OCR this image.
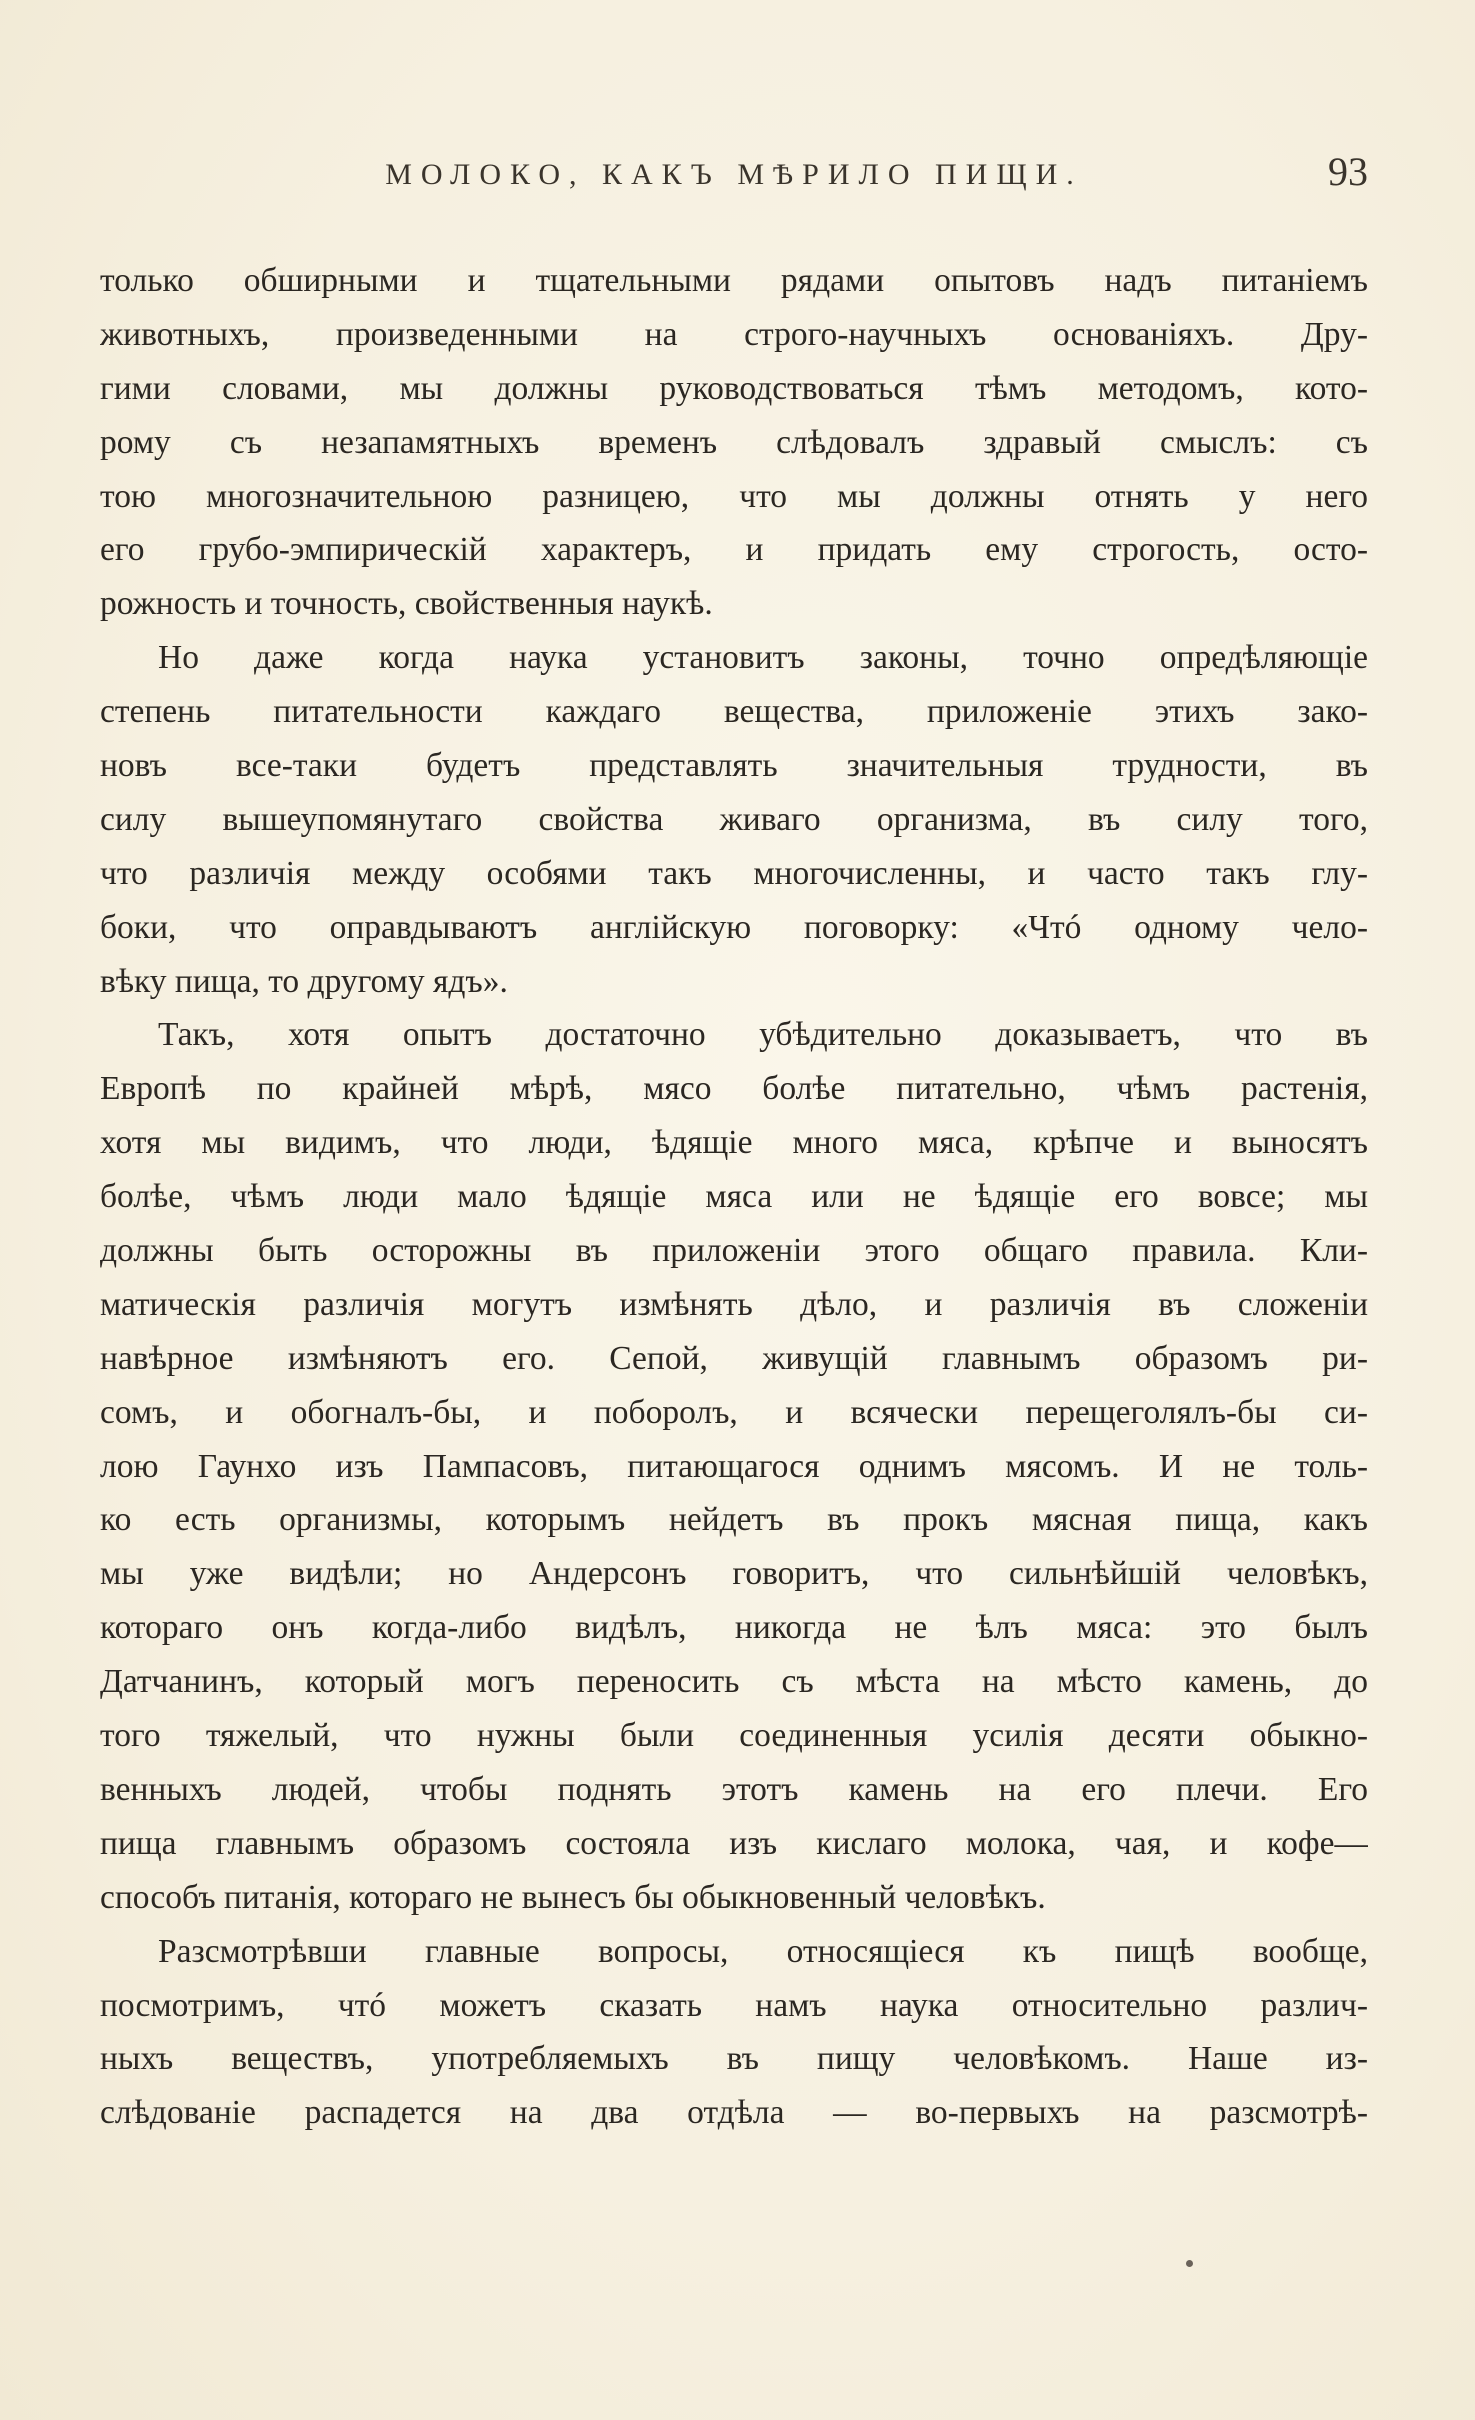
МОЛОКО, КАКЪ МѢРИЛО ПИЩИ.	93
только обширными и тщательными рядами опытовъ надъ питаніемъ
животныхъ, произведенными на строго-научныхъ основаніяхъ. Дру-
гими словами, мы должны руководствоваться тѣмъ методомъ, кото-
рому съ незапамятныхъ временъ слѣдовалъ здравый смыслъ: съ
тою многозначительною разницею, что мы должны отнять у него
его грубо-эмпирическій характеръ, и придать ему строгость, осто-
рожность и точность, свойственныя наукѣ.
Но даже когда наука установитъ законы, точно опредѣляющіе
степень питательности каждаго вещества, приложеніе этихъ зако-
новъ все-таки будетъ представлять значительныя трудности, въ
силу вышеупомянутаго свойства живаго организма, въ силу того,
что различія между особями такъ многочисленны, и часто такъ глу-
боки, что оправдываютъ англійскую поговорку: «Чтó одному чело-
вѣку пища, то другому ядъ».
Такъ, хотя опытъ достаточно убѣдительно доказываетъ, что въ
Европѣ по крайней мѣрѣ, мясо болѣе питательно, чѣмъ растенія,
хотя мы видимъ, что люди, ѣдящіе много мяса, крѣпче и выносятъ
болѣе, чѣмъ люди мало ѣдящіе мяса или не ѣдящіе его вовсе; мы
должны быть осторожны въ приложеніи этого общаго правила. Кли-
матическія различія могутъ измѣнять дѣло, и различія въ сложеніи
навѣрное измѣняютъ его. Сепой, живущій главнымъ образомъ ри-
сомъ, и обогналъ-бы, и поборолъ, и всячески перещеголялъ-бы си-
лою Гаунхо изъ Пампасовъ, питающагося однимъ мясомъ. И не толь-
ко есть организмы, которымъ нейдетъ въ прокъ мясная пища, какъ
мы уже видѣли; но Андерсонъ говоритъ, что сильнѣйшій человѣкъ,
котораго онъ когда-либо видѣлъ, никогда не ѣлъ мяса: это былъ
Датчанинъ, который могъ переносить съ мѣста на мѣсто камень, до
того тяжелый, что нужны были соединенныя усилія десяти обыкно-
венныхъ людей, чтобы поднять этотъ камень на его плечи. Его
пища главнымъ образомъ состояла изъ кислаго молока, чая, и кофе—
способъ питанія, котораго не вынесъ бы обыкновенный человѣкъ.
Разсмотрѣвши главные вопросы, относящіеся къ пищѣ вообще,
посмотримъ, чтó можетъ сказать намъ наука относительно различ-
ныхъ веществъ, употребляемыхъ въ пищу человѣкомъ. Наше из-
слѣдованіе распадется на два отдѣла — во-первыхъ на разсмотрѣ-
